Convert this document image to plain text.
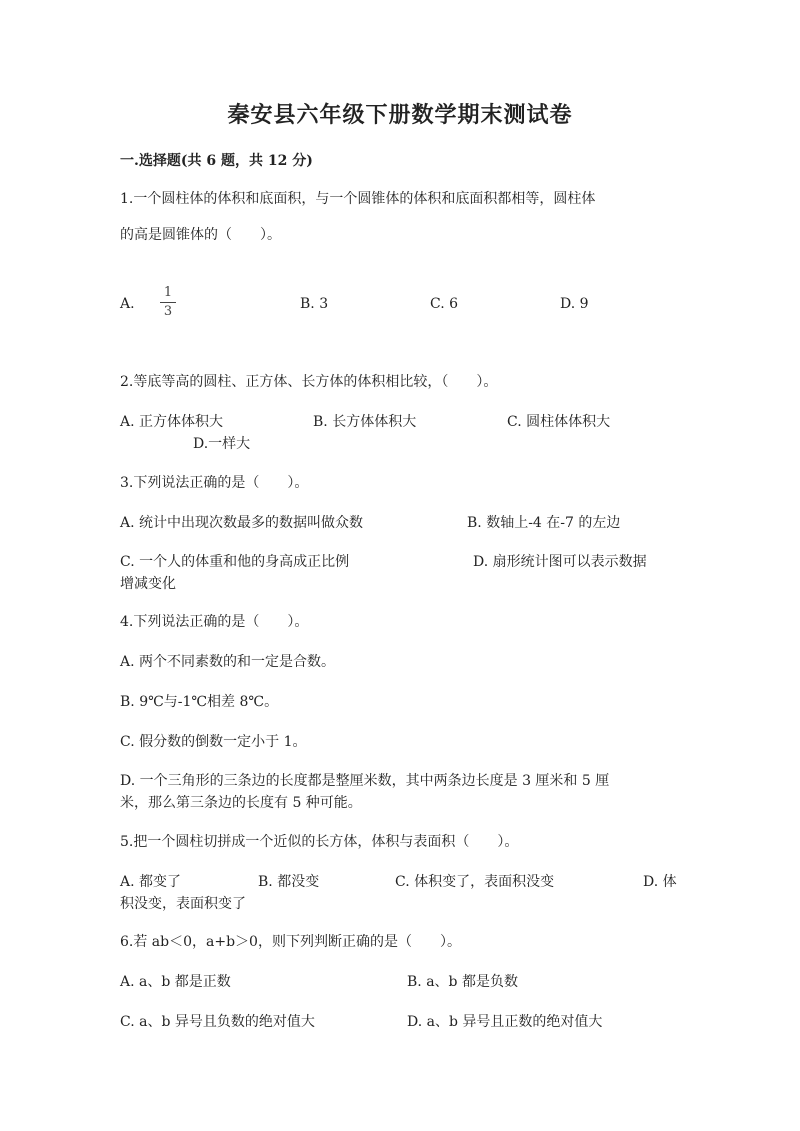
秦安县六年级下册数学期末测试卷
一.选择题(共 6 题，共 12 分)
1.一个圆柱体的体积和底面积，与一个圆锥体的体积和底面积都相等，圆柱体
的高是圆锥体的（　　）。
A.
1
3	B. 3	C. 6	D. 9
2.等底等高的圆柱、正方体、长方体的体积相比较，（　　）。
A. 正方体体积大	B. 长方体体积大	C. 圆柱体体积大
D.一样大
3.下列说法正确的是（　　）。
A. 统计中出现次数最多的数据叫做众数	B. 数轴上-4 在-7 的左边
C. 一个人的体重和他的身高成正比例	D. 扇形统计图可以表示数据
增减变化
4.下列说法正确的是（　　）。
A. 两个不同素数的和一定是合数。
B. 9℃与-1℃相差 8℃。
C. 假分数的倒数一定小于 1。
D. 一个三角形的三条边的长度都是整厘米数，其中两条边长度是 3 厘米和 5 厘
米，那么第三条边的长度有 5 种可能。
5.把一个圆柱切拼成一个近似的长方体，体积与表面积（　　）。
A. 都变了	B. 都没变	C. 体积变了，表面积没变	D. 体
积没变，表面积变了
6.若 ab＜0，a+b＞0，则下列判断正确的是（　　）。
A. a、b 都是正数	B. a、b 都是负数
C. a、b 异号且负数的绝对值大	D. a、b 异号且正数的绝对值大
